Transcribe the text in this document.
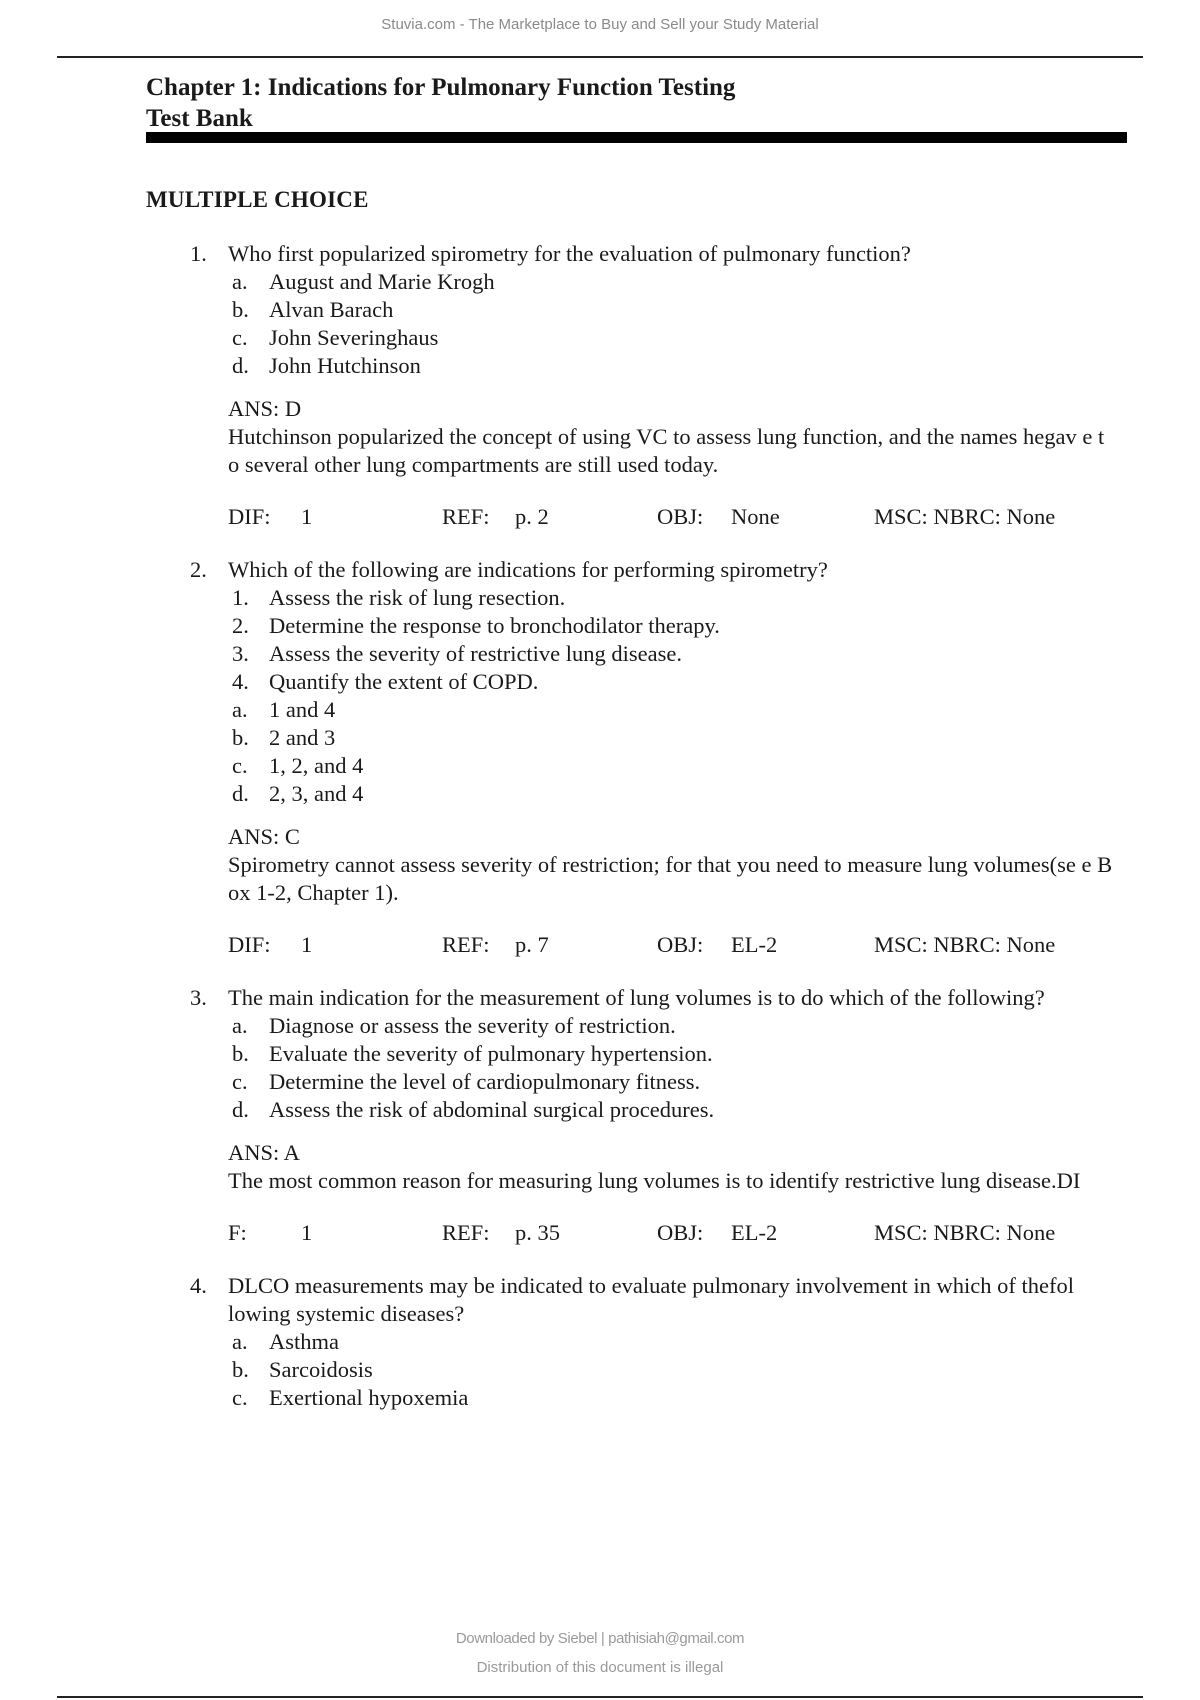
Stuvia.com - The Marketplace to Buy and Sell your Study Material
Chapter 1: Indications for Pulmonary Function Testing
Test Bank
MULTIPLE CHOICE
1. Who first popularized spirometry for the evaluation of pulmonary function?
a. August and Marie Krogh
b. Alvan Barach
c. John Severinghaus
d. John Hutchinson
ANS: D
Hutchinson popularized the concept of using VC to assess lung function, and the names hegav e to several other lung compartments are still used today.
DIF: 1	REF: p. 2	OBJ: None	MSC: NBRC: None
2. Which of the following are indications for performing spirometry?
1. Assess the risk of lung resection.
2. Determine the response to bronchodilator therapy.
3. Assess the severity of restrictive lung disease.
4. Quantify the extent of COPD.
a. 1 and 4
b. 2 and 3
c. 1, 2, and 4
d. 2, 3, and 4
ANS: C
Spirometry cannot assess severity of restriction; for that you need to measure lung volumes(se e Box 1-2, Chapter 1).
DIF: 1	REF: p. 7	OBJ: EL-2	MSC: NBRC: None
3. The main indication for the measurement of lung volumes is to do which of the following?
a. Diagnose or assess the severity of restriction.
b. Evaluate the severity of pulmonary hypertension.
c. Determine the level of cardiopulmonary fitness.
d. Assess the risk of abdominal surgical procedures.
ANS: A
The most common reason for measuring lung volumes is to identify restrictive lung disease.DI
F: 1	REF: p. 35	OBJ: EL-2	MSC: NBRC: None
4. DLCO measurements may be indicated to evaluate pulmonary involvement in which of thefol lowing systemic diseases?
a. Asthma
b. Sarcoidosis
c. Exertional hypoxemia
Downloaded by Siebel | pathisiah@gmail.com
Distribution of this document is illegal
